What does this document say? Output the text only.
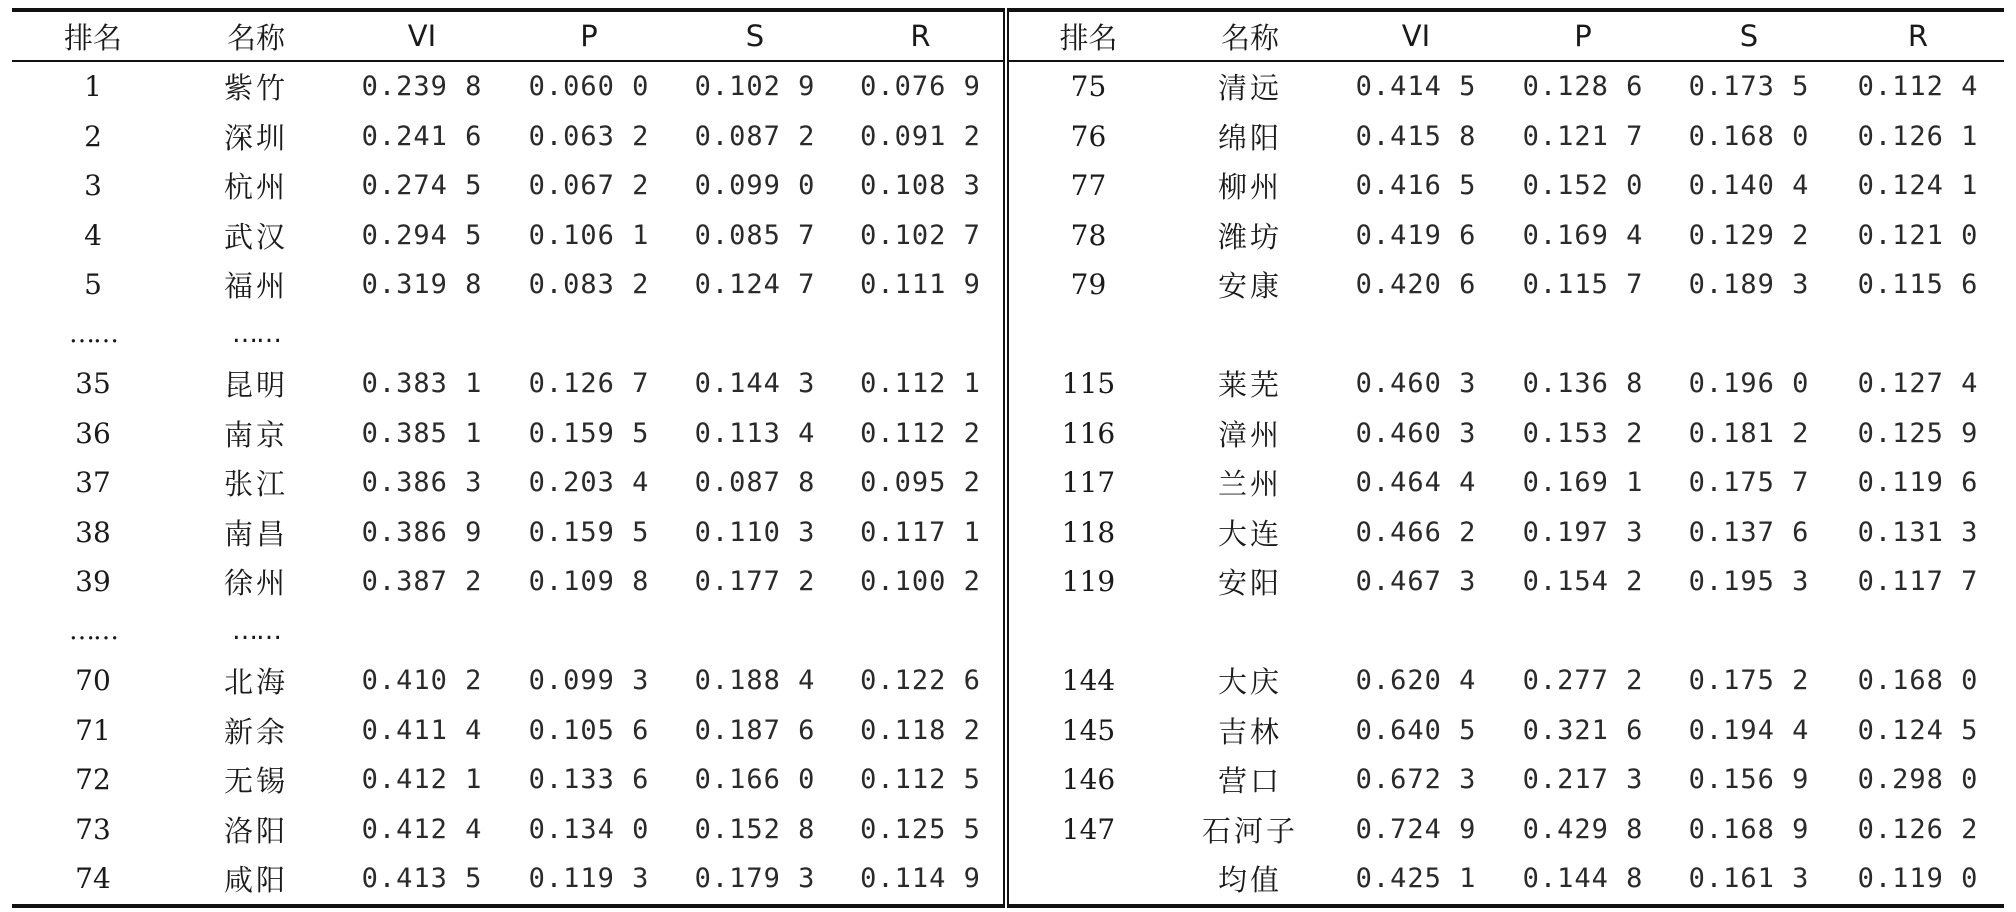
排名	名称	VI	P	S	R	排名	名称	VI	P	S	R
1	紫竹	0.239 8	0.060 0	0.102 9	0.076 9	75	清远	0.414 5	0.128 6	0.173 5	0.112 4
2	深圳	0.241 6	0.063 2	0.087 2	0.091 2	76	绵阳	0.415 8	0.121 7	0.168 0	0.126 1
3	杭州	0.274 5	0.067 2	0.099 0	0.108 3	77	柳州	0.416 5	0.152 0	0.140 4	0.124 1
4	武汉	0.294 5	0.106 1	0.085 7	0.102 7	78	潍坊	0.419 6	0.169 4	0.129 2	0.121 0
5	福州	0.319 8	0.083 2	0.124 7	0.111 9	79	安康	0.420 6	0.115 7	0.189 3	0.115 6
……	……										
35	昆明	0.383 1	0.126 7	0.144 3	0.112 1	115	莱芜	0.460 3	0.136 8	0.196 0	0.127 4
36	南京	0.385 1	0.159 5	0.113 4	0.112 2	116	漳州	0.460 3	0.153 2	0.181 2	0.125 9
37	张江	0.386 3	0.203 4	0.087 8	0.095 2	117	兰州	0.464 4	0.169 1	0.175 7	0.119 6
38	南昌	0.386 9	0.159 5	0.110 3	0.117 1	118	大连	0.466 2	0.197 3	0.137 6	0.131 3
39	徐州	0.387 2	0.109 8	0.177 2	0.100 2	119	安阳	0.467 3	0.154 2	0.195 3	0.117 7
……	……										
70	北海	0.410 2	0.099 3	0.188 4	0.122 6	144	大庆	0.620 4	0.277 2	0.175 2	0.168 0
71	新余	0.411 4	0.105 6	0.187 6	0.118 2	145	吉林	0.640 5	0.321 6	0.194 4	0.124 5
72	无锡	0.412 1	0.133 6	0.166 0	0.112 5	146	营口	0.672 3	0.217 3	0.156 9	0.298 0
73	洛阳	0.412 4	0.134 0	0.152 8	0.125 5	147	石河子	0.724 9	0.429 8	0.168 9	0.126 2
74	咸阳	0.413 5	0.119 3	0.179 3	0.114 9		均值	0.425 1	0.144 8	0.161 3	0.119 0
